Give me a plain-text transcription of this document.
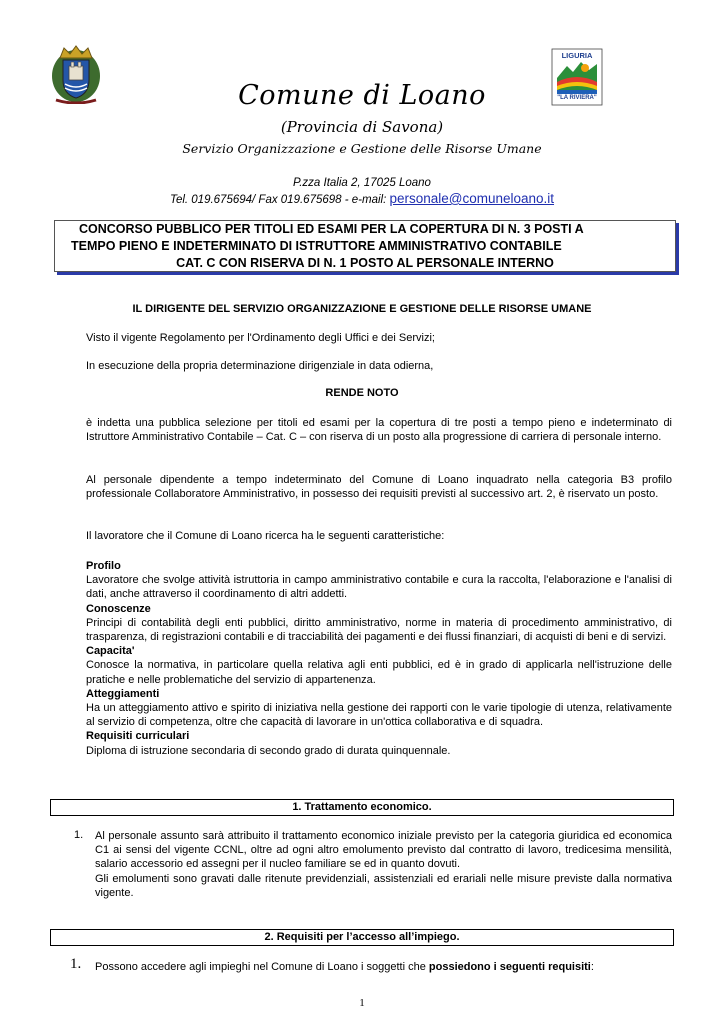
LIGURIA
"LA RIVIERA"
Comune di Loano
(Provincia di Savona)
Servizio Organizzazione e Gestione delle Risorse Umane
P.zza Italia 2, 17025 Loano
Tel. 019.675694/ Fax 019.675698 - e-mail: personale@comuneloano.it
CONCORSO PUBBLICO PER TITOLI ED ESAMI PER LA COPERTURA DI N. 3 POSTI A
TEMPO PIENO E INDETERMINATO DI ISTRUTTORE AMMINISTRATIVO CONTABILE
CAT. C CON RISERVA DI N. 1 POSTO AL PERSONALE INTERNO
IL DIRIGENTE DEL SERVIZIO ORGANIZZAZIONE E GESTIONE DELLE RISORSE UMANE
Visto il vigente Regolamento per l'Ordinamento degli Uffici e dei Servizi;
In esecuzione della propria determinazione dirigenziale in data odierna,
RENDE NOTO
è indetta una pubblica selezione per titoli ed esami per la copertura di tre posti a tempo pieno e indeterminato di Istruttore Amministrativo Contabile – Cat. C – con riserva di un posto alla progressione di carriera di personale interno.
Al personale dipendente a tempo indeterminato del Comune di Loano inquadrato nella categoria B3 profilo professionale Collaboratore Amministrativo, in possesso dei requisiti previsti al successivo art. 2, è riservato un posto.
Il lavoratore che il Comune di Loano ricerca ha le seguenti caratteristiche:
Profilo
Lavoratore che svolge attività istruttoria in campo amministrativo contabile e cura la raccolta, l'elaborazione e l'analisi di dati, anche attraverso il coordinamento di altri addetti.
Conoscenze
Principi di contabilità degli enti pubblici, diritto amministrativo, norme in materia di procedimento amministrativo, di trasparenza, di registrazioni contabili e di tracciabilità dei pagamenti e dei flussi finanziari, di acquisti di beni e di servizi.
Capacita'
Conosce la normativa, in particolare quella relativa agli enti pubblici, ed è in grado di applicarla nell'istruzione delle pratiche e nelle problematiche del servizio di appartenenza.
Atteggiamenti
Ha un atteggiamento attivo e spirito di iniziativa nella gestione dei rapporti con le varie tipologie di utenza, relativamente al servizio di competenza, oltre che capacità di lavorare in un'ottica collaborativa e di squadra.
Requisiti curriculari
Diploma di istruzione secondaria di secondo grado di durata quinquennale.
1. Trattamento economico.
1. Al personale assunto sarà attribuito il trattamento economico iniziale previsto per la categoria giuridica ed economica C1 ai sensi del vigente CCNL, oltre ad ogni altro emolumento previsto dal contratto di lavoro, tredicesima mensilità, salario accessorio ed assegni per il nucleo familiare se ed in quanto dovuti.
Gli emolumenti sono gravati dalle ritenute previdenziali, assistenziali ed erariali nelle misure previste dalla normativa vigente.
2. Requisiti per l’accesso all’impiego.
1. Possono accedere agli impieghi nel Comune di Loano i soggetti che possiedono i seguenti requisiti:
1
